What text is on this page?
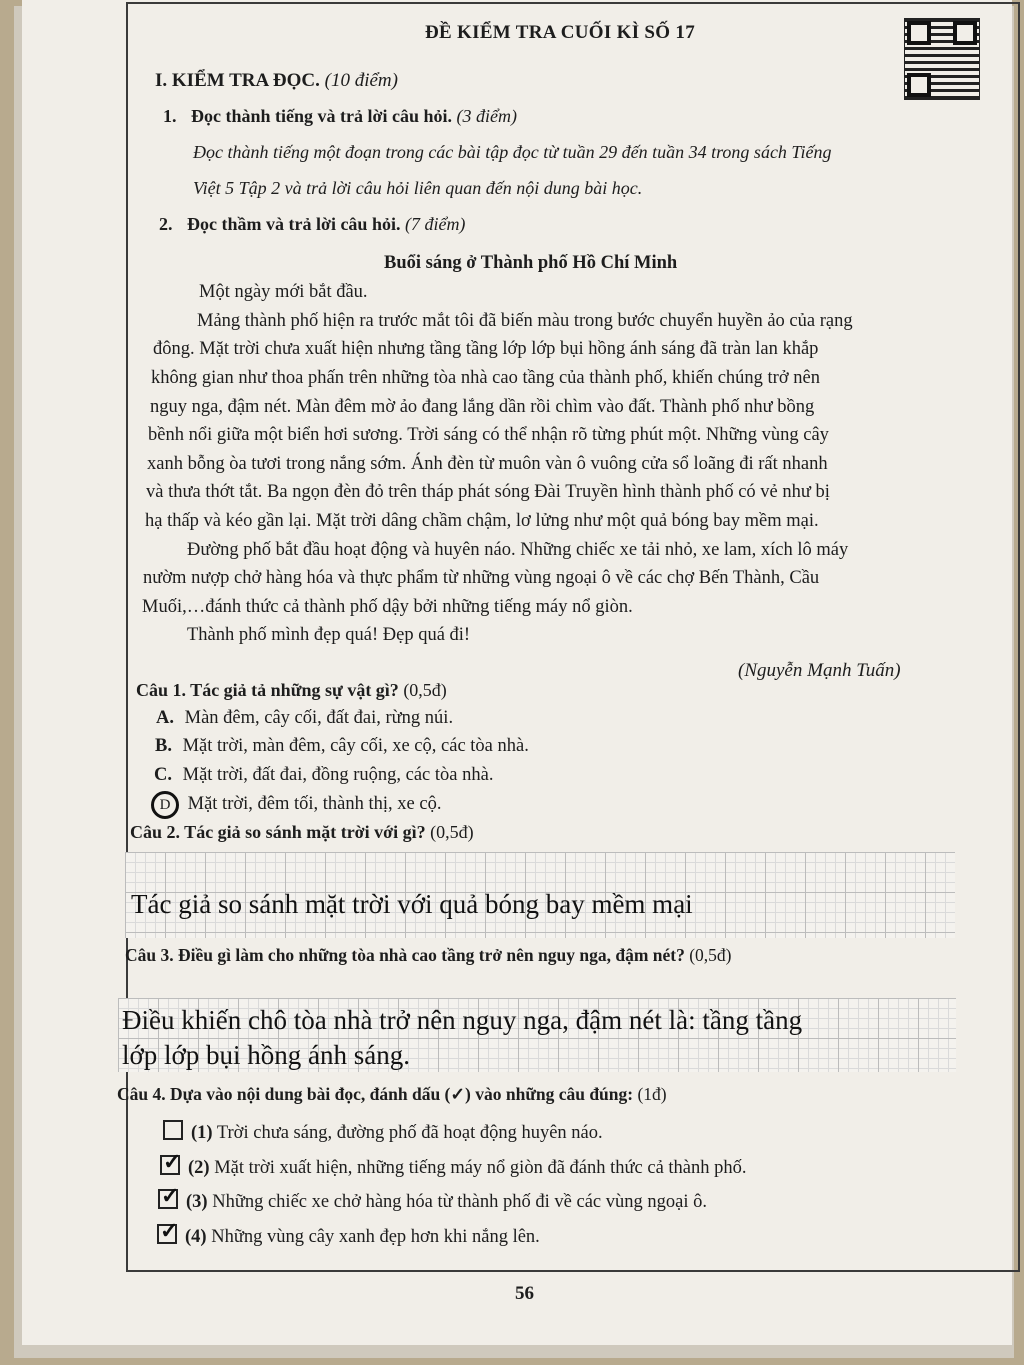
ĐỀ KIỂM TRA CUỐI KÌ SỐ 17
I. KIỂM TRA ĐỌC. (10 điểm)
1. Đọc thành tiếng và trả lời câu hỏi. (3 điểm)
Đọc thành tiếng một đoạn trong các bài tập đọc từ tuần 29 đến tuần 34 trong sách Tiếng
Việt 5 Tập 2 và trả lời câu hỏi liên quan đến nội dung bài học.
2. Đọc thầm và trả lời câu hỏi. (7 điểm)
Buổi sáng ở Thành phố Hồ Chí Minh
Một ngày mới bắt đầu.
Mảng thành phố hiện ra trước mắt tôi đã biến màu trong bước chuyển huyền ảo của rạng
đông. Mặt trời chưa xuất hiện nhưng tầng tầng lớp lớp bụi hồng ánh sáng đã tràn lan khắp
không gian như thoa phấn trên những tòa nhà cao tầng của thành phố, khiến chúng trở nên
nguy nga, đậm nét. Màn đêm mờ ảo đang lắng dần rồi chìm vào đất. Thành phố như bồng
bềnh nổi giữa một biển hơi sương. Trời sáng có thể nhận rõ từng phút một. Những vùng cây
xanh bỗng òa tươi trong nắng sớm. Ánh đèn từ muôn vàn ô vuông cửa sổ loãng đi rất nhanh
và thưa thớt tắt. Ba ngọn đèn đỏ trên tháp phát sóng Đài Truyền hình thành phố có vẻ như bị
hạ thấp và kéo gần lại. Mặt trời dâng chầm chậm, lơ lửng như một quả bóng bay mềm mại.
Đường phố bắt đầu hoạt động và huyên náo. Những chiếc xe tải nhỏ, xe lam, xích lô máy
nườm nượp chở hàng hóa và thực phẩm từ những vùng ngoại ô về các chợ Bến Thành, Cầu
Muối,…đánh thức cả thành phố dậy bởi những tiếng máy nổ giòn.
Thành phố mình đẹp quá! Đẹp quá đi!
(Nguyễn Mạnh Tuấn)
Câu 1. Tác giả tả những sự vật gì? (0,5đ)
A. Màn đêm, cây cối, đất đai, rừng núi.
B. Mặt trời, màn đêm, cây cối, xe cộ, các tòa nhà.
C. Mặt trời, đất đai, đồng ruộng, các tòa nhà.
D Mặt trời, đêm tối, thành thị, xe cộ.
Câu 2. Tác giả so sánh mặt trời với gì? (0,5đ)
Tác giả so sánh mặt trời với quả bóng bay mềm mại
Câu 3. Điều gì làm cho những tòa nhà cao tầng trở nên nguy nga, đậm nét? (0,5đ)
Điều khiến chô tòa nhà trở nên nguy nga, đậm nét là: tầng tầng
lớp lớp bụi hồng ánh sáng.
Câu 4. Dựa vào nội dung bài đọc, đánh dấu (✓) vào những câu đúng: (1đ)
(1) Trời chưa sáng, đường phố đã hoạt động huyên náo.
✓(2) Mặt trời xuất hiện, những tiếng máy nổ giòn đã đánh thức cả thành phố.
✓(3) Những chiếc xe chở hàng hóa từ thành phố đi về các vùng ngoại ô.
✓(4) Những vùng cây xanh đẹp hơn khi nắng lên.
56
